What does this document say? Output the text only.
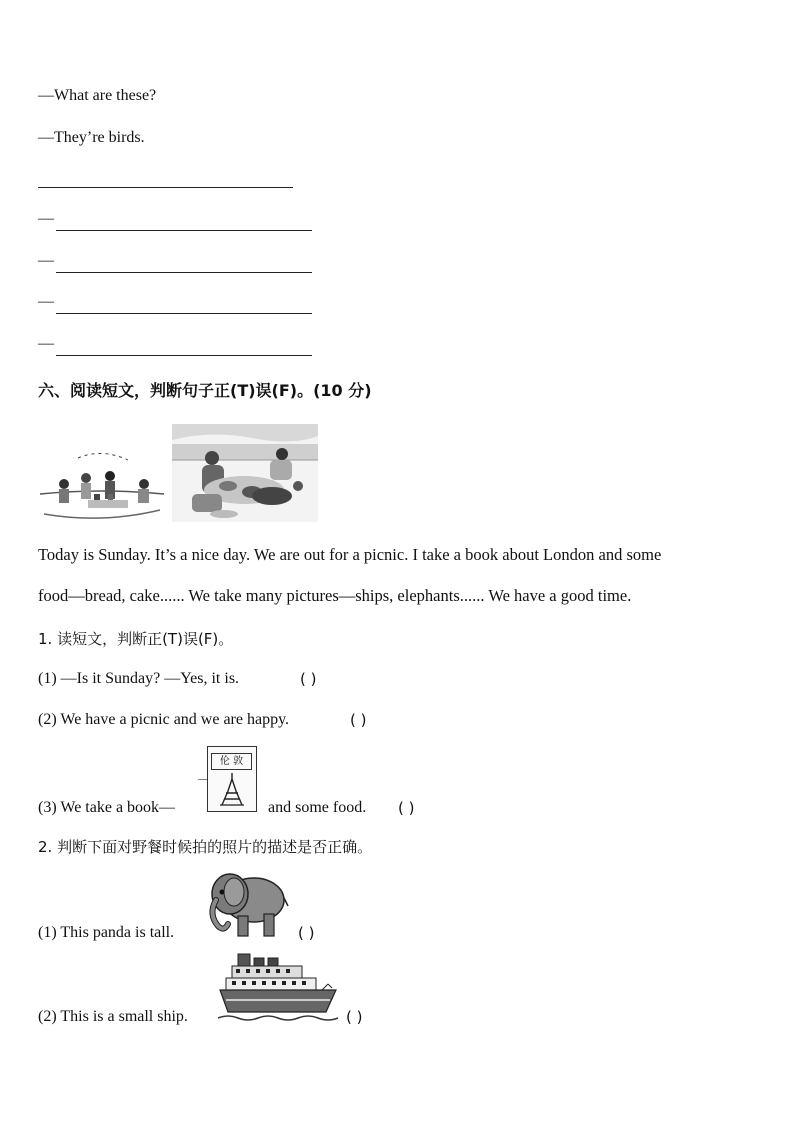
—What are these?
—They’re birds.
—
—
—
—
六、阅读短文，判断句子正(T)误(F)。(10 分)
Today is Sunday. It’s a nice day. We are out for a picnic. I take a book about London and some
food—bread, cake...... We take many pictures—ships, elephants...... We have a good time.
1. 读短文，判断正(T)误(F)。
(1) —Is it Sunday? —Yes, it is.	( )
(2) We have a picnic and we are happy.	( )
(3) We take a book—
伦 敦
—
and some food. ( )
2. 判断下面对野餐时候拍的照片的描述是否正确。
(1) This panda is tall.	( )
(2) This is a small ship.	( )
